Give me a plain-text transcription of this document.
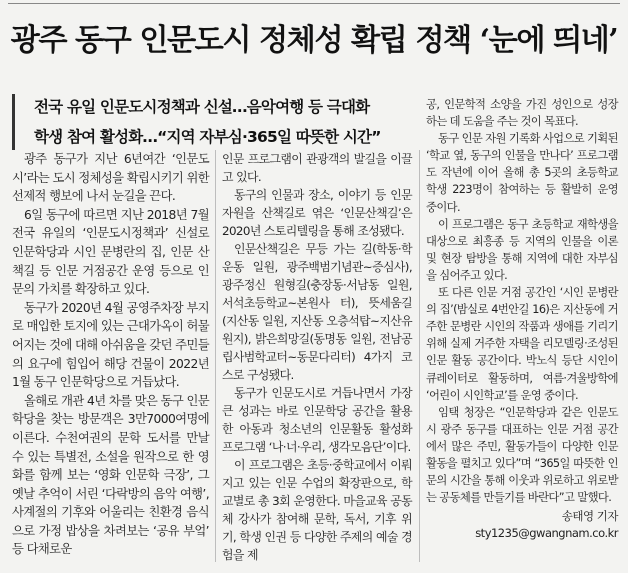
광주 동구 인문도시 정체성 확립 정책 ‘눈에 띄네’
전국 유일 인문도시정책과 신설…음악여행 등 극대화
학생 참여 활성화…“지역 자부심·365일 따뜻한 시간”

광주 동구가 지난 6년여간 ‘인문도시’라는 도시 정체성을 확립시키기 위한 선제적 행보에 나서 눈길을 끈다.

6일 동구에 따르면 지난 2018년 7월 전국 유일의 ‘인문도시정책과’ 신설로 인문학당과 시인 문병란의 집, 인문 산책길 등 인문 거점공간 운영 등으로 인문의 가치를 확장하고 있다.

동구가 2020년 4월 공영주차장 부지로 매입한 토지에 있는 근대가옥이 허물어지는 것에 대해 아쉬움을 갖던 주민들의 요구에 힘입어 해당 건물이 2022년 1월 동구 인문학당으로 거듭났다.

올해로 개관 4년 차를 맞은 동구 인문학당을 찾는 방문객은 3만7000여명에 이른다. 수천여권의 문학 도서를 만날 수 있는 특별전, 소설을 원작으로 한 영화를 함께 보는 ‘영화 인문학 극장’, 그 옛날 추억이 서린 ‘다락방의 음악 여행’, 사계절의 기후와 어울리는 친환경 음식으로 가정 밥상을 차려보는 ‘공유 부엌’ 등 다채로운

인문 프로그램이 관광객의 발길을 이끌고 있다.

동구의 인물과 장소, 이야기 등 인문 자원을 산책길로 엮은 ‘인문산책길’은 2020년 스토리텔링을 통해 조성됐다.

인문산책길은 무등 가는 길(학동·학운동 일원, 광주백범기념관~증심사), 광주정신 원형길(충장동·서남동 일원, 서석초등학교~본원사 터), 뜻세움길(지산동 일원, 지산동 오층석탑~지산유원지), 밝은희망길(동명동 일원, 전남공립사범학교터~동문다리터) 4가지 코스로 구성됐다.

동구가 인문도시로 거듭나면서 가장 큰 성과는 바로 인문학당 공간을 활용한 아동과 청소년의 인문활동 활성화 프로그램 ‘나·너·우리, 생각모음단’이다.

이 프로그램은 초등·중학교에서 이뤄지고 있는 인문 수업의 확장판으로, 학교별로 총 3회 운영한다. 마을교육 공동체 강사가 참여해 문학, 독서, 기후 위기, 학생 인권 등 다양한 주제의 예술 경험을 제

공, 인문학적 소양을 가진 성인으로 성장하는 데 도움을 주는 것이 목표다.

동구 인문 자원 기록화 사업으로 기획된 ‘학교 옆, 동구의 인물을 만나다’ 프로그램도 작년에 이어 올해 총 5곳의 초등학교 학생 223명이 참여하는 등 활발히 운영 중이다.

이 프로그램은 동구 초등학교 재학생을 대상으로 최흥종 등 지역의 인물을 이론 및 현장 탐방을 통해 지역에 대한 자부심을 심어주고 있다.

또 다른 인문 거점 공간인 ‘시인 문병란의 집’(밤실로 4번안길 16)은 지산동에 거주한 문병란 시인의 작품과 생애를 기리기 위해 실제 거주한 자택을 리모델링·조성된 인문 활동 공간이다. 박노식 등단 시인이 큐레이터로 활동하며, 여름·겨울방학에 ‘어린이 시인학교’를 운영 중이다.

임택 청장은 “인문학당과 같은 인문도시 광주 동구를 대표하는 인문 거점 공간에서 많은 주민, 활동가들이 다양한 인문 활동을 펼치고 있다”며 “365일 따뜻한 인문의 시간을 통해 이웃과 위로하고 위로받는 공동체를 만들기를 바란다”고 말했다.

송태영 기자 sty1235@gwangnam.co.kr
